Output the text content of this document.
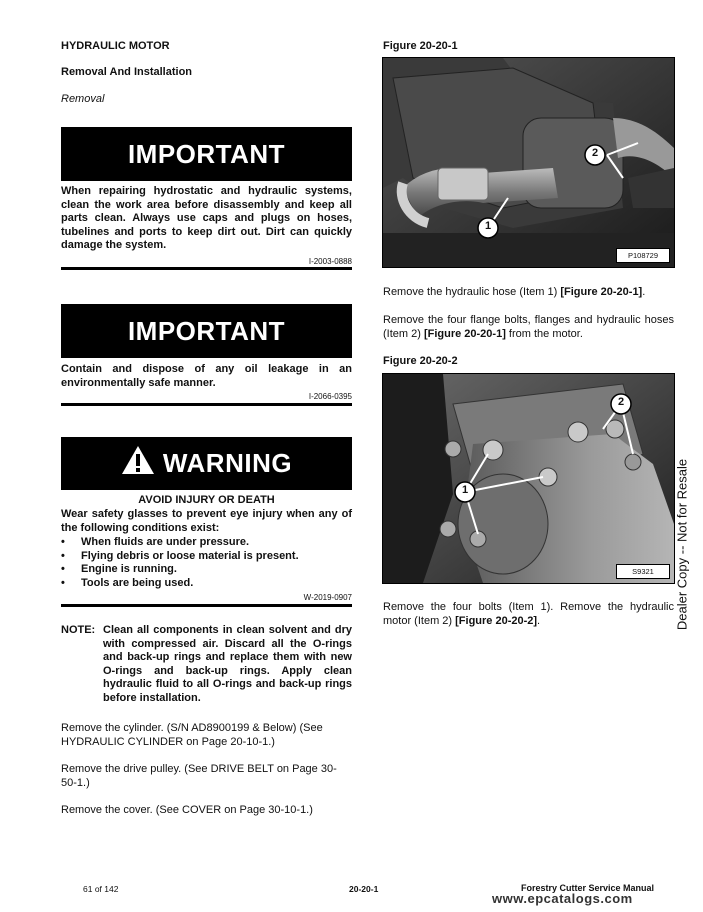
HYDRAULIC MOTOR
Removal And Installation
Removal
IMPORTANT
When repairing hydrostatic and hydraulic systems, clean the work area before disassembly and keep all parts clean. Always use caps and plugs on hoses, tubelines and ports to keep dirt out. Dirt can quickly damage the system.
I-2003-0888
IMPORTANT
Contain and dispose of any oil leakage in an environmentally safe manner.
I-2066-0395
WARNING
AVOID INJURY OR DEATH
Wear safety glasses to prevent eye injury when any of the following conditions exist:
• When fluids are under pressure.
• Flying debris or loose material is present.
• Engine is running.
• Tools are being used.
W-2019-0907
NOTE: Clean all components in clean solvent and dry with compressed air. Discard all the O-rings and back-up rings and replace them with new O-rings and back-up rings. Apply clean hydraulic fluid to all O-rings and back-up rings before installation.
Remove the cylinder. (S/N AD8900199 & Below) (See HYDRAULIC CYLINDER on Page 20-10-1.)
Remove the drive pulley. (See DRIVE BELT on Page 30-50-1.)
Remove the cover. (See COVER on Page 30-10-1.)
Figure 20-20-1
1
2
P108729
Remove the hydraulic hose (Item 1) [Figure 20-20-1].
Remove the four flange bolts, flanges and hydraulic hoses (Item 2) [Figure 20-20-1] from the motor.
Figure 20-20-2
1
2
S9321
Remove the four bolts (Item 1). Remove the hydraulic motor (Item 2) [Figure 20-20-2].	Dealer Copy -- Not for Resale
61 of 142	20-20-1	Forestry Cutter Service Manual
www.epcatalogs.com
